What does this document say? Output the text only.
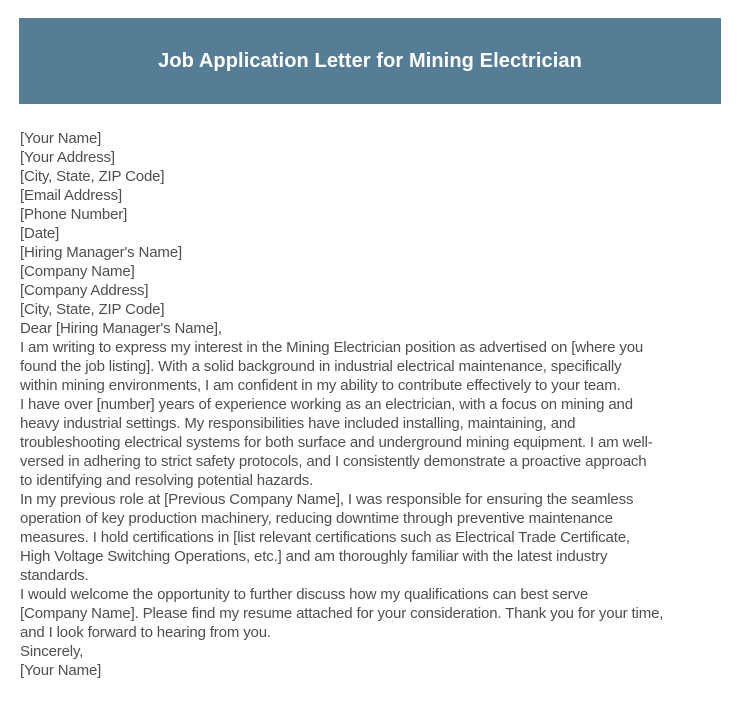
Job Application Letter for Mining Electrician
[Your Name]
[Your Address]
[City, State, ZIP Code]
[Email Address]
[Phone Number]
[Date]
[Hiring Manager's Name]
[Company Name]
[Company Address]
[City, State, ZIP Code]
Dear [Hiring Manager's Name],
I am writing to express my interest in the Mining Electrician position as advertised on [where you
found the job listing]. With a solid background in industrial electrical maintenance, specifically
within mining environments, I am confident in my ability to contribute effectively to your team.
I have over [number] years of experience working as an electrician, with a focus on mining and
heavy industrial settings. My responsibilities have included installing, maintaining, and
troubleshooting electrical systems for both surface and underground mining equipment. I am well-
versed in adhering to strict safety protocols, and I consistently demonstrate a proactive approach
to identifying and resolving potential hazards.
In my previous role at [Previous Company Name], I was responsible for ensuring the seamless
operation of key production machinery, reducing downtime through preventive maintenance
measures. I hold certifications in [list relevant certifications such as Electrical Trade Certificate,
High Voltage Switching Operations, etc.] and am thoroughly familiar with the latest industry
standards.
I would welcome the opportunity to further discuss how my qualifications can best serve
[Company Name]. Please find my resume attached for your consideration. Thank you for your time,
and I look forward to hearing from you.
Sincerely,
[Your Name]
